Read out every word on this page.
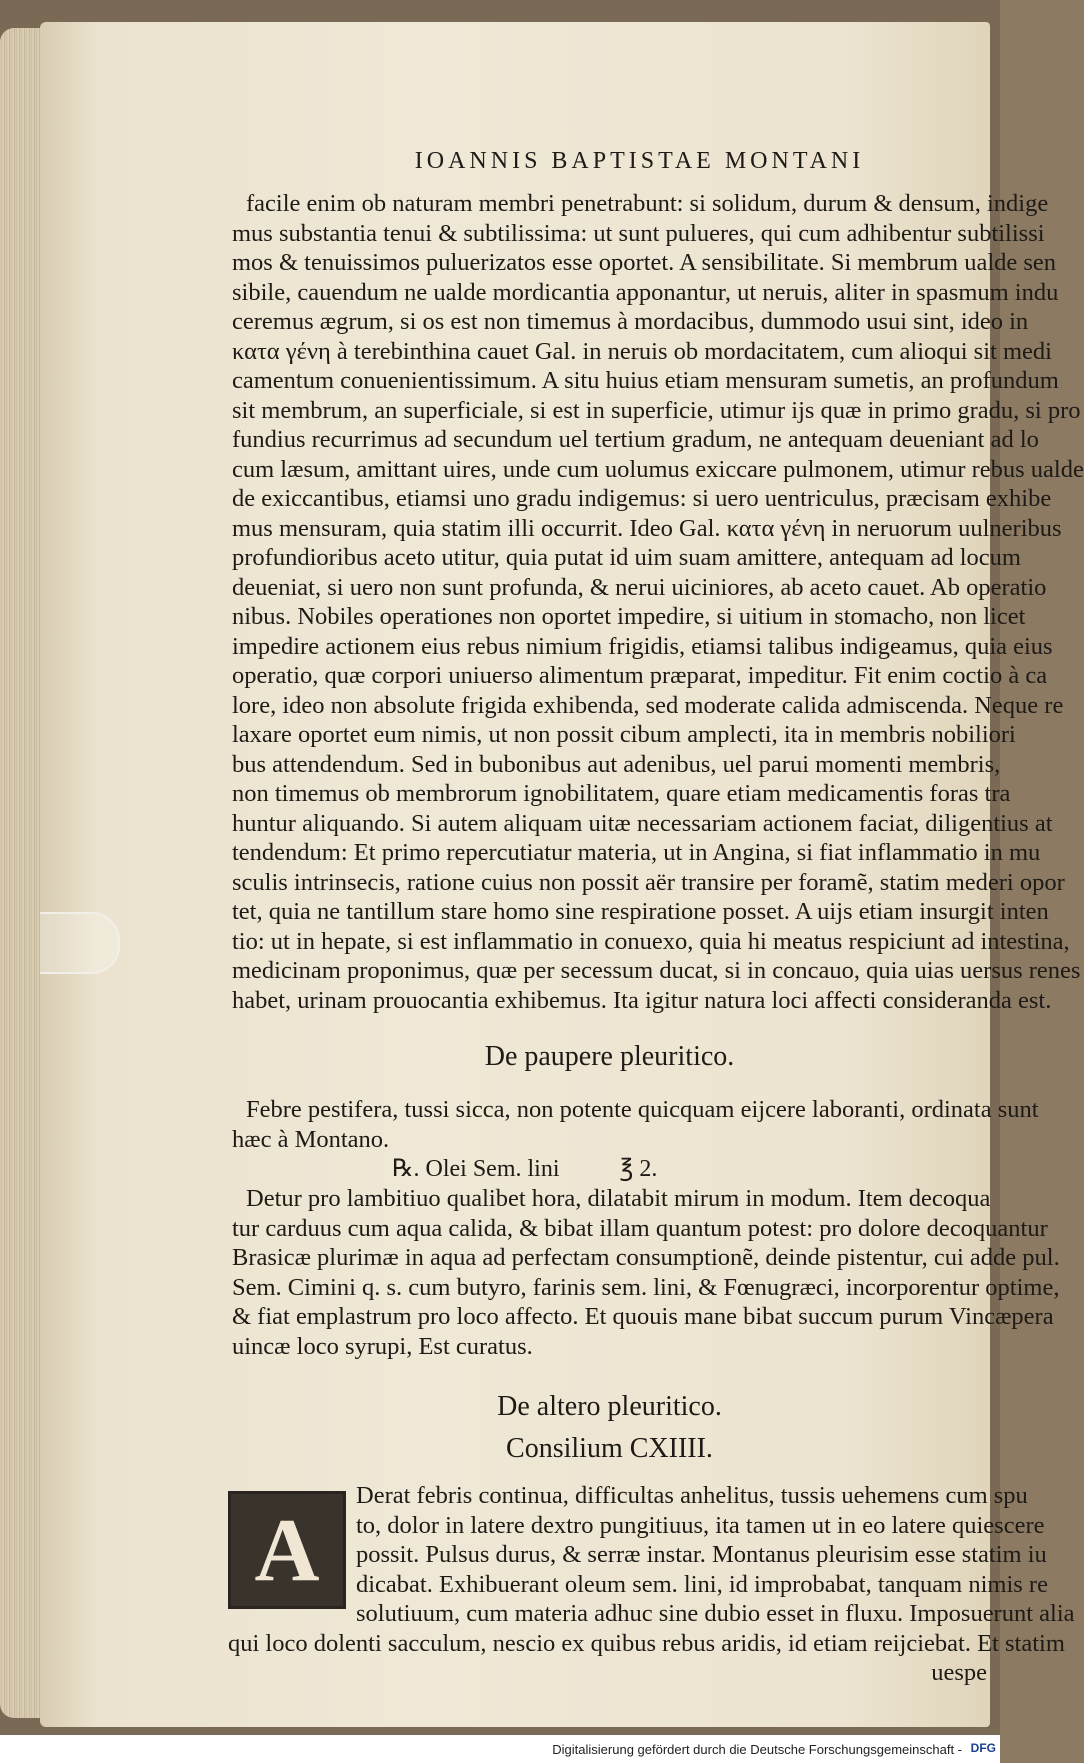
IOANNIS BAPTISTAE MONTANI
facile enim ob naturam membri penetrabunt: si solidum, durum & densum, indige
mus substantia tenui & subtilissima: ut sunt pulueres, qui cum adhibentur subtilissi
mos & tenuissimos puluerizatos esse oportet. A sensibilitate. Si membrum ualde sen
sibile, cauendum ne ualde mordicantia apponantur, ut neruis, aliter in spasmum indu
ceremus ægrum, si os est non timemus à mordacibus, dummodo usui sint, ideo in
κατα γένη à terebinthina cauet Gal. in neruis ob mordacitatem, cum alioqui sit medi
camentum conuenientissimum. A situ huius etiam mensuram sumetis, an profundum
sit membrum, an superficiale, si est in superficie, utimur ijs quæ in primo gradu, si pro
fundius recurrimus ad secundum uel tertium gradum, ne antequam deueniant ad lo
cum læsum, amittant uires, unde cum uolumus exiccare pulmonem, utimur rebus ualde
de exiccantibus, etiamsi uno gradu indigemus: si uero uentriculus, præcisam exhibe
mus mensuram, quia statim illi occurrit. Ideo Gal. κατα γένη in neruorum uulneribus
profundioribus aceto utitur, quia putat id uim suam amittere, antequam ad locum
deueniat, si uero non sunt profunda, & nerui uiciniores, ab aceto cauet. Ab operatio
nibus. Nobiles operationes non oportet impedire, si uitium in stomacho, non licet
impedire actionem eius rebus nimium frigidis, etiamsi talibus indigeamus, quia eius
operatio, quæ corpori uniuerso alimentum præparat, impeditur. Fit enim coctio à ca
lore, ideo non absolute frigida exhibenda, sed moderate calida admiscenda. Neque re
laxare oportet eum nimis, ut non possit cibum amplecti, ita in membris nobiliori
bus attendendum. Sed in bubonibus aut adenibus, uel parui momenti membris,
non timemus ob membrorum ignobilitatem, quare etiam medicamentis foras tra
huntur aliquando. Si autem aliquam uitæ necessariam actionem faciat, diligentius at
tendendum: Et primo repercutiatur materia, ut in Angina, si fiat inflammatio in mu
sculis intrinsecis, ratione cuius non possit aër transire per foramẽ, statim mederi opor
tet, quia ne tantillum stare homo sine respiratione posset. A uijs etiam insurgit inten
tio: ut in hepate, si est inflammatio in conuexo, quia hi meatus respiciunt ad intestina,
medicinam proponimus, quæ per secessum ducat, si in concauo, quia uias uersus renes
habet, urinam prouocantia exhibemus. Ita igitur natura loci affecti consideranda est.
De paupere pleuritico.
Febre pestifera, tussi sicca, non potente quicquam eijcere laboranti, ordinata sunt
hæc à Montano.
℞. Olei Sem. lini          ℥ 2.
Detur pro lambitiuo qualibet hora, dilatabit mirum in modum. Item decoqua
tur carduus cum aqua calida, & bibat illam quantum potest: pro dolore decoquantur
Brasicæ plurimæ in aqua ad perfectam consumptionẽ, deinde pistentur, cui adde pul.
Sem. Cimini q. s. cum butyro, farinis sem. lini, & Fœnugræci, incorporentur optime,
& fiat emplastrum pro loco affecto. Et quouis mane bibat succum purum Vincæpera
uincæ loco syrupi, Est curatus.
De altero pleuritico.
Consilium CXIIII.
A
Derat febris continua, difficultas anhelitus, tussis uehemens cum spu
to, dolor in latere dextro pungitiuus, ita tamen ut in eo latere quiescere
possit. Pulsus durus, & serræ instar. Montanus pleurisim esse statim iu
dicabat. Exhibuerant oleum sem. lini, id improbabat, tanquam nimis re
solutiuum, cum materia adhuc sine dubio esset in fluxu. Imposuerunt alia
qui loco dolenti sacculum, nescio ex quibus rebus aridis, id etiam reijciebat. Et statim
uespe
Digitalisierung gefördert durch die Deutsche Forschungsgemeinschaft - DFG
